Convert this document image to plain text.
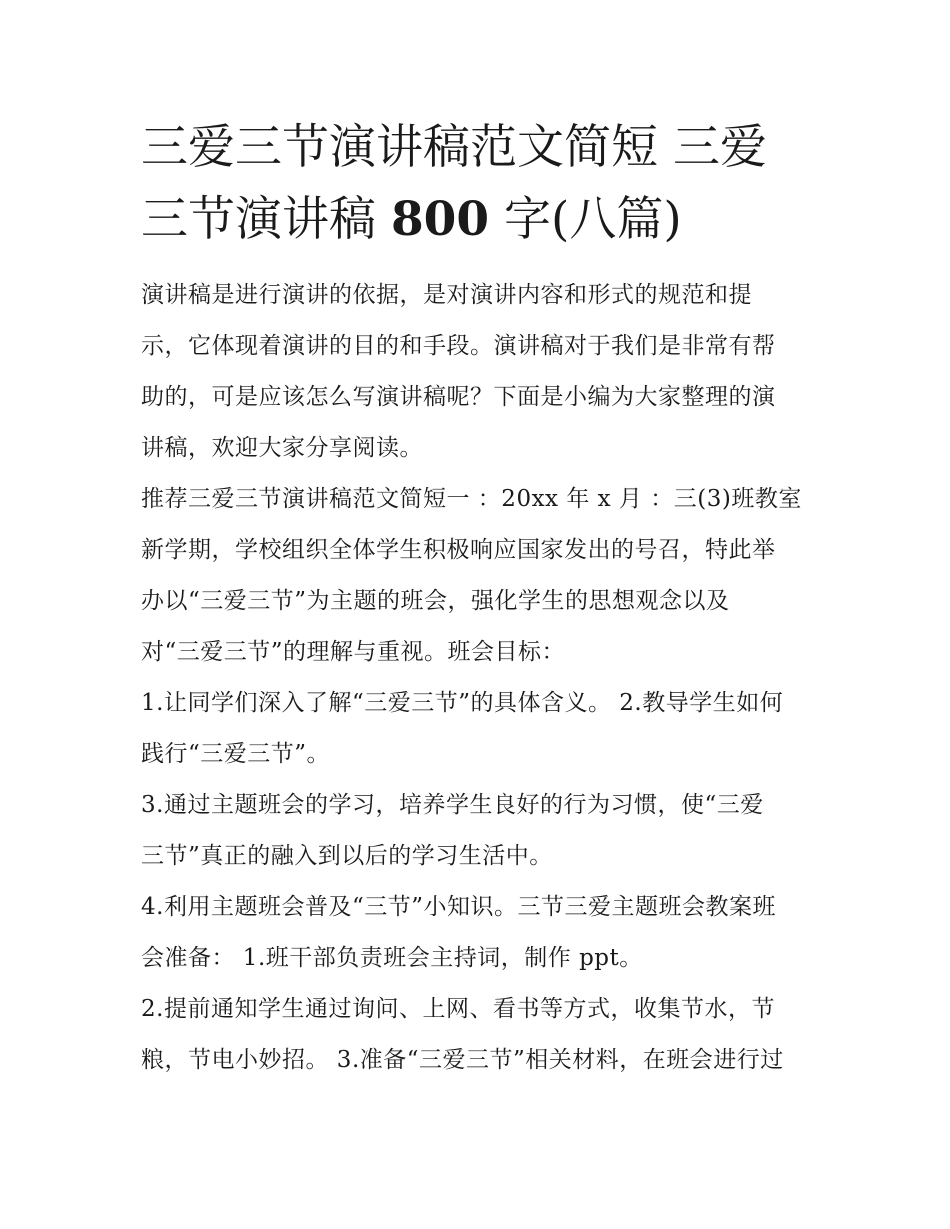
三爱三节演讲稿范文简短 三爱
三节演讲稿 800 字(八篇)

演讲稿是进行演讲的依据，是对演讲内容和形式的规范和提
示，它体现着演讲的目的和手段。演讲稿对于我们是非常有帮
助的，可是应该怎么写演讲稿呢？下面是小编为大家整理的演
讲稿，欢迎大家分享阅读。

推荐三爱三节演讲稿范文简短一 ：20xx 年 x 月 ：三(3)班教室
新学期，学校组织全体学生积极响应国家发出的号召，特此举
办以“三爱三节”为主题的班会，强化学生的思想观念以及
对“三爱三节”的理解与重视。班会目标：

1.让同学们深入了解“三爱三节”的具体含义。 2.教导学生如何
践行“三爱三节”。

3.通过主题班会的学习，培养学生良好的行为习惯，使“三爱
三节”真正的融入到以后的学习生活中。

4.利用主题班会普及“三节”小知识。三节三爱主题班会教案班
会准备： 1.班干部负责班会主持词，制作 ppt。

2.提前通知学生通过询问、上网、看书等方式，收集节水，节
粮，节电小妙招。 3.准备“三爱三节”相关材料，在班会进行过
